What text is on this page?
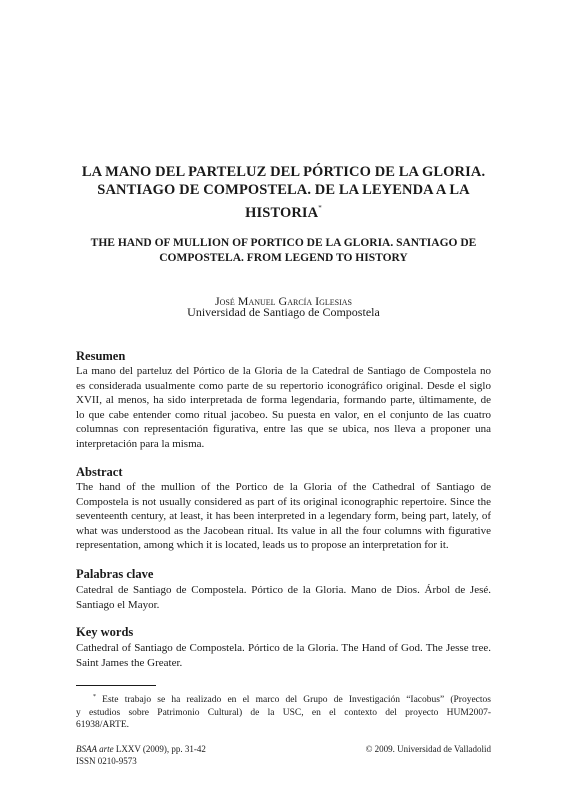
LA MANO DEL PARTELUZ DEL PÓRTICO DE LA GLORIA.
SANTIAGO DE COMPOSTELA. DE LA LEYENDA A LA
HISTORIA*
THE HAND OF MULLION OF PORTICO DE LA GLORIA. SANTIAGO DE
COMPOSTELA. FROM LEGEND TO HISTORY
José Manuel García Iglesias
Universidad de Santiago de Compostela
Resumen
La mano del parteluz del Pórtico de la Gloria de la Catedral de Santiago de Compostela no
es considerada usualmente como parte de su repertorio iconográfico original. Desde el siglo
XVII, al menos, ha sido interpretada de forma legendaria, formando parte, últimamente, de
lo que cabe entender como ritual jacobeo. Su puesta en valor, en el conjunto de las cuatro
columnas con representación figurativa, entre las que se ubica, nos lleva a proponer una
interpretación para la misma.
Abstract
The hand of the mullion of the Portico de la Gloria of the Cathedral of Santiago de
Compostela is not usually considered as part of its original iconographic repertoire. Since the
seventeenth century, at least, it has been interpreted in a legendary form, being part, lately, of
what was understood as the Jacobean ritual. Its value in all the four columns with figurative
representation, among which it is located, leads us to propose an interpretation for it.
Palabras clave
Catedral de Santiago de Compostela. Pórtico de la Gloria. Mano de Dios. Árbol de Jesé.
Santiago el Mayor.
Key words
Cathedral of Santiago de Compostela. Pórtico de la Gloria. The Hand of God. The Jesse tree.
Saint James the Greater.
* Este trabajo se ha realizado en el marco del Grupo de Investigación “Iacobus” (Proyectos
y estudios sobre Patrimonio Cultural) de la USC, en el contexto del proyecto HUM2007-
61938/ARTE.
BSAA arte LXXV (2009), pp. 31-42
ISSN 0210-9573
© 2009. Universidad de Valladolid
